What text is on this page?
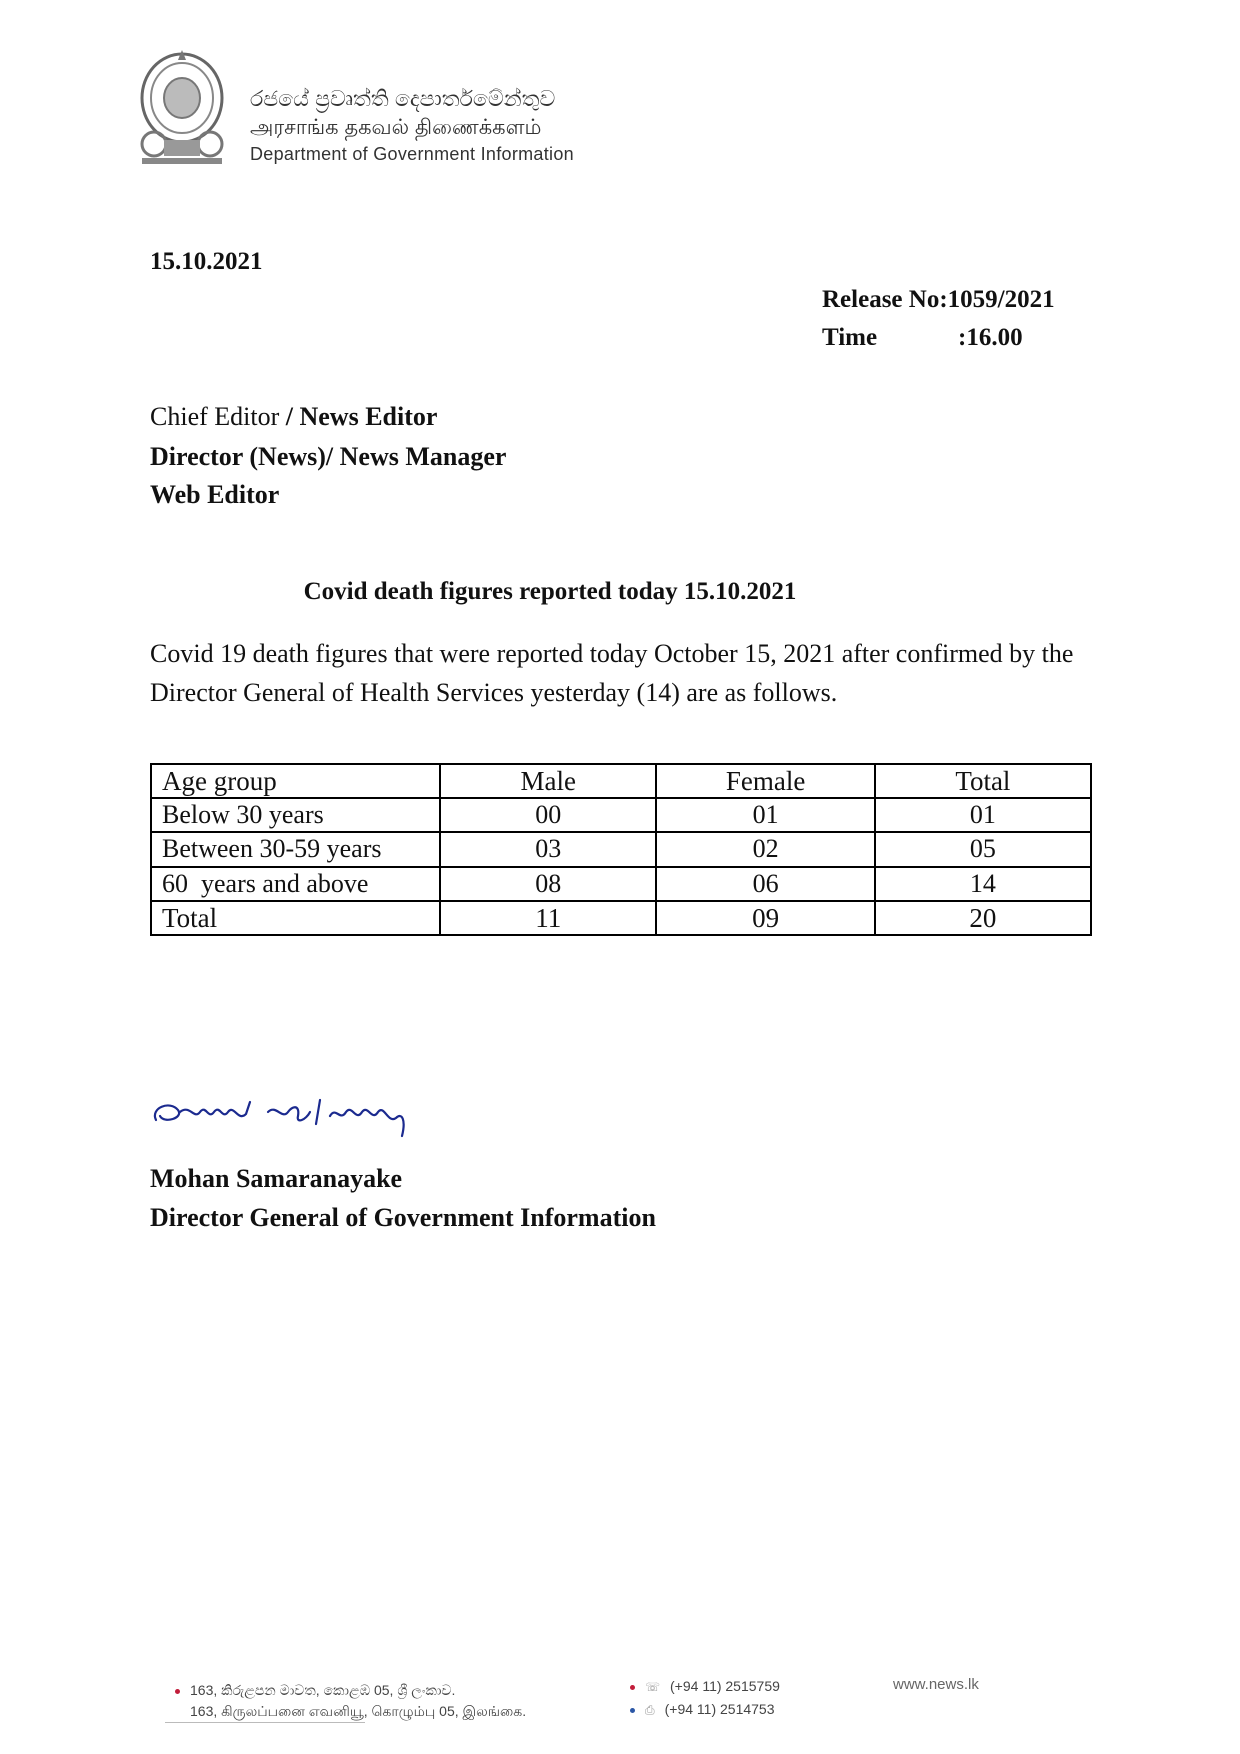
රජයේ ප්‍රවෘත්ති දෙපාර්තමේන්තුව
அரசாங்க தகவல் திணைக்களம்
Department of Government Information
15.10.2021
Release No:1059/2021
Time	:16.00
Chief Editor / News Editor
Director (News)/ News Manager
Web Editor
Covid death figures reported today 15.10.2021
Covid 19 death figures that were reported today October 15, 2021 after confirmed by the Director General of Health Services yesterday (14) are as follows.
Age group	Male	Female	Total
Below 30 years	00	01	01
Between 30-59 years	03	02	05
60  years and above	08	06	14
Total	11	09	20
Mohan Samaranayake
Director General of Government Information
163, කිරුළපන මාවත, කොළඹ 05, ශ්‍රී ලංකාව.
163, கிருலப்பனை எவனியூ, கொழும்பு 05, இலங்கை.
☏ (+94 11) 2515759
⎙ (+94 11) 2514753
www.news.lk
